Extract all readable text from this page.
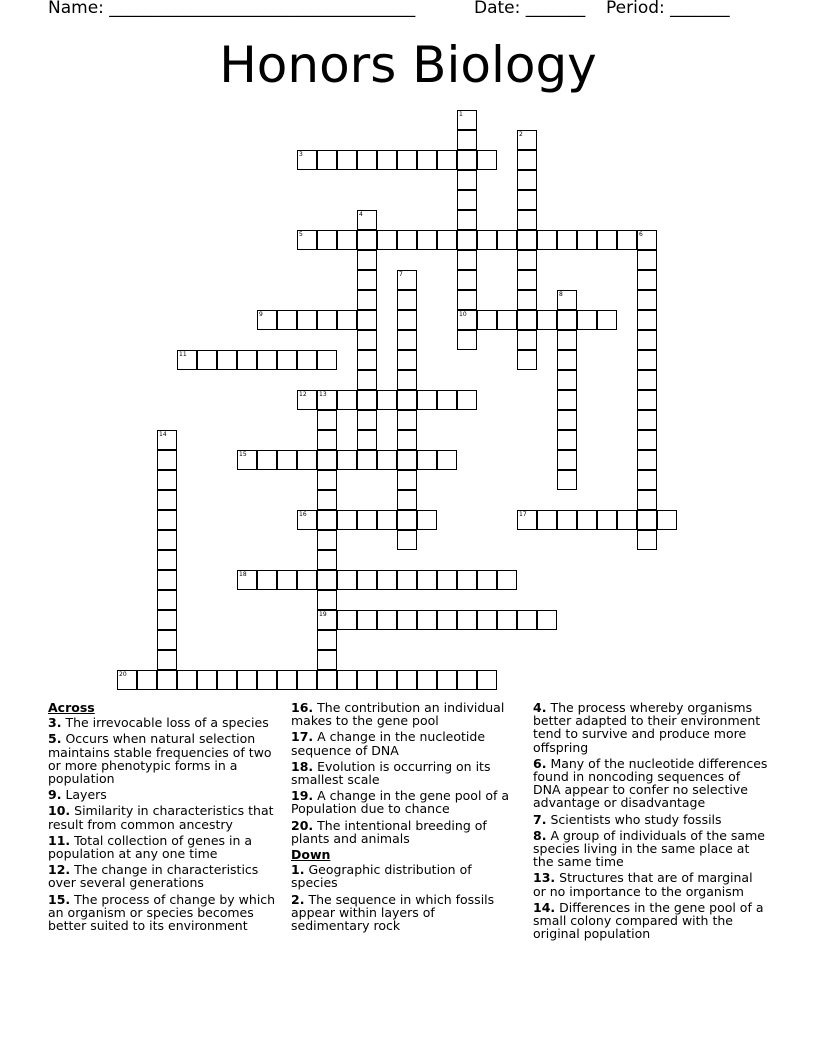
Name: ____________________________________	Date: _______ Period: _______
Honors Biology
1
10
2
3
4
5	6
7
8
9
11
12 13
19
14
15
16	17
18
20
Across
3. The irrevocable loss of a species
5. Occurs when natural selection maintains stable frequencies of two or more phenotypic forms in a population
9. Layers
10. Similarity in characteristics that result from common ancestry
11. Total collection of genes in a population at any one time
12. The change in characteristics over several generations
15. The process of change by which an organism or species becomes better suited to its environment
16. The contribution an individual makes to the gene pool
17. A change in the nucleotide sequence of DNA
18. Evolution is occurring on its smallest scale
19. A change in the gene pool of a Population due to chance
20. The intentional breeding of plants and animals
Down
1. Geographic distribution of species
2. The sequence in which fossils appear within layers of sedimentary rock
4. The process whereby organisms better adapted to their environment tend to survive and produce more offspring
6. Many of the nucleotide differences found in noncoding sequences of DNA appear to confer no selective advantage or disadvantage
7. Scientists who study fossils
8. A group of individuals of the same species living in the same place at the same time
13. Structures that are of marginal or no importance to the organism
14. Differences in the gene pool of a small colony compared with the original population
